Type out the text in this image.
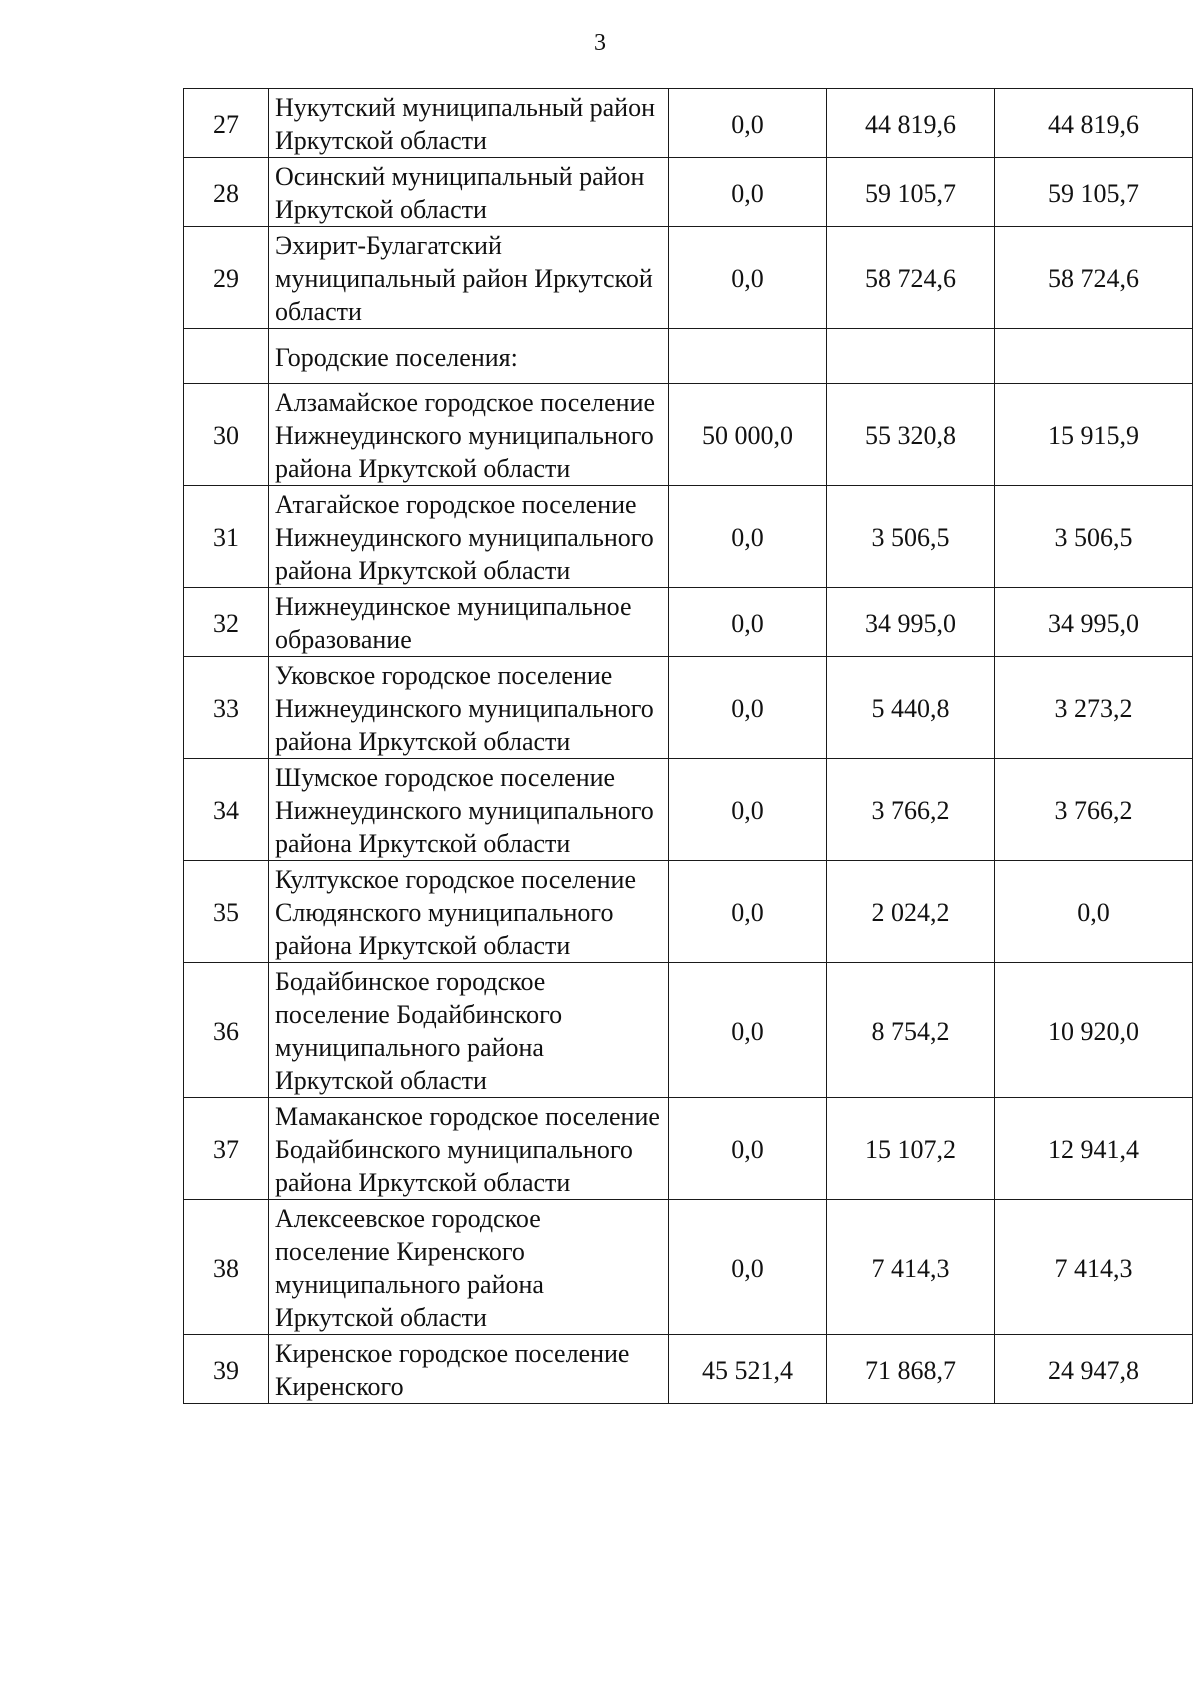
3
27	Нукутский муниципальный район Иркутской области	0,0	44 819,6	44 819,6
28	Осинский муниципальный район Иркутской области	0,0	59 105,7	59 105,7
29	Эхирит-Булагатский муниципальный район Иркутской области	0,0	58 724,6	58 724,6
	Городские поселения:			
30	Алзамайское городское поселение Нижнеудинского муниципального района Иркутской области	50 000,0	55 320,8	15 915,9
31	Атагайское городское поселение Нижнеудинского муниципального района Иркутской области	0,0	3 506,5	3 506,5
32	Нижнеудинское муниципальное образование	0,0	34 995,0	34 995,0
33	Уковское городское поселение Нижнеудинского муниципального района Иркутской области	0,0	5 440,8	3 273,2
34	Шумское городское поселение Нижнеудинского муниципального района Иркутской области	0,0	3 766,2	3 766,2
35	Култукское городское поселение Слюдянского муниципального района Иркутской области	0,0	2 024,2	0,0
36	Бодайбинское городское поселение Бодайбинского муниципального района Иркутской области	0,0	8 754,2	10 920,0
37	Мамаканское городское поселение Бодайбинского муниципального района Иркутской области	0,0	15 107,2	12 941,4
38	Алексеевское городское поселение Киренского муниципального района Иркутской области	0,0	7 414,3	7 414,3
39	Киренское городское поселение Киренского	45 521,4	71 868,7	24 947,8
